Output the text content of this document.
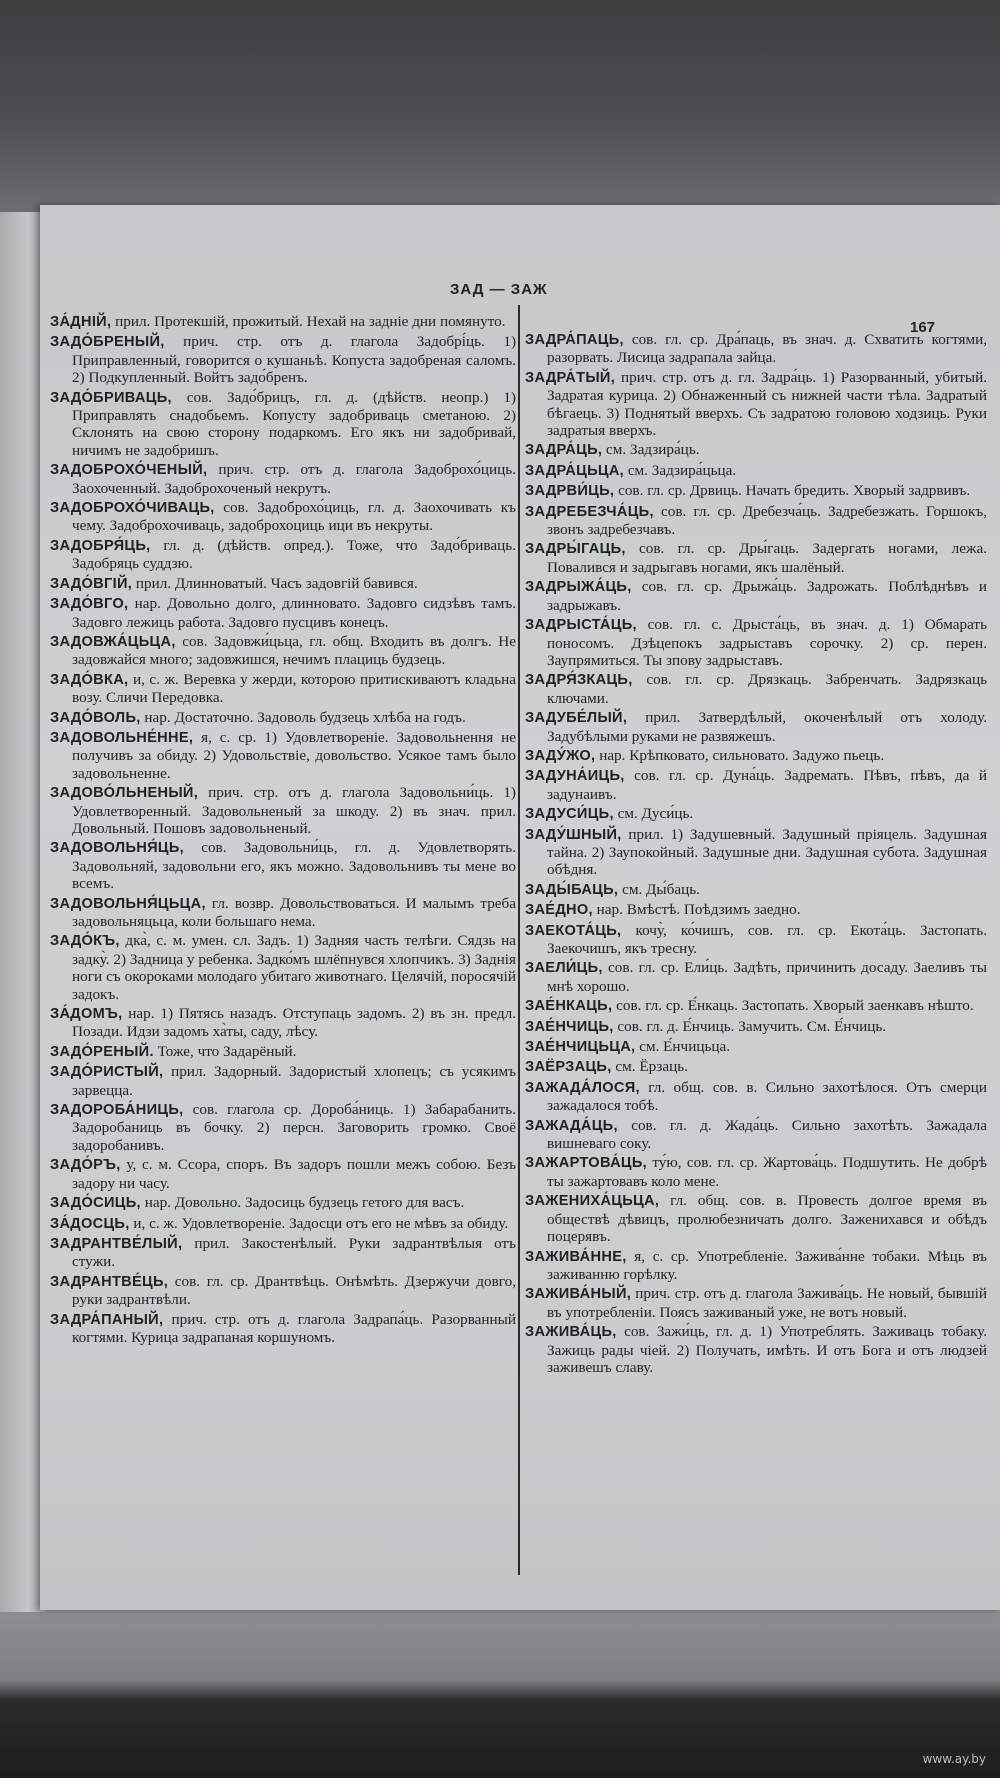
ЗАД — ЗАЖ
167
ЗА́ДНІЙ, прил. Протекшій, прожитый. Нехай на задніе дни помянуто.
ЗАДО́БРЕНЫЙ, прич. стр. отъ д. глагола Задобрі́ць. 1) Приправленный, говорится о кушаньѣ. Копуста задобреная саломъ. 2) Подкупленный. Войтъ задо́бренъ.
ЗАДО́БРИВАЦЬ, сов. Задо́брицъ, гл. д. (дѣйств. неопр.) 1) Приправлять снадобьемъ. Копусту задобриваць сметаною. 2) Склонять на свою сторону подаркомъ. Его якъ ни задобривай, ничимъ не задобришъ.
ЗАДОБРОХО́ЧЕНЫЙ, прич. стр. отъ д. глагола Задоброхо́циць. Заохоченный. Задоброхоченый некрутъ.
ЗАДОБРОХО́ЧИВАЦЬ, сов. Задоброхо́циць, гл. д. Заохочивать къ чему. Задоброхочиваць, задоброхоциць ици въ некруты.
ЗАДОБРЯ́ЦЬ, гл. д. (дѣйств. опред.). Тоже, что Задо́бриваць. Задобряць суддзю.
ЗАДО́ВГІЙ, прил. Длинноватый. Часъ задовгій бавився.
ЗАДО́ВГО, нар. Довольно долго, длинновато. Задовго сидзѣвъ тамъ. Задовго лежиць работа. Задовго пусцивъ конецъ.
ЗАДОВЖА́ЦЬЦА, сов. Задовжи́цьца, гл. общ. Входить въ долгъ. Не задовжайся много; задовжишся, нечимъ плациць будзець.
ЗАДО́ВКА, и, с. ж. Веревка у жерди, которою притискиваютъ кладьна возу. Сличи Передовка.
ЗАДО́ВОЛЬ, нар. Достаточно. Задоволь будзець хлѣба на годъ.
ЗАДОВОЛЬНЕ́ННЕ, я, с. ср. 1) Удовлетвореніе. Задовольнення не получивъ за обиду. 2) Удовольствіе, довольство. Усякое тамъ было задовольненне.
ЗАДОВО́ЛЬНЕНЫЙ, прич. стр. отъ д. глагола Задовольни́ць. 1) Удовлетворенный. Задовольненый за шкоду. 2) въ знач. прил. Довольный. Пошовъ задовольненый.
ЗАДОВОЛЬНЯ́ЦЬ, сов. Задовольни́ць, гл. д. Удовлетворять. Задовольняй, задовольни его, якъ можно. Задовольнивъ ты мене во всемъ.
ЗАДОВОЛЬНЯ́ЦЬЦА, гл. возвр. Довольствоваться. И малымъ треба задовольняцьца, коли большаго нема.
ЗАДО́КЪ, дка̀, с. м. умен. сл. Задъ. 1) Задняя часть телѣги. Сядзь на задку̀. 2) Задница у ребенка. Задко́мъ шлёпнувся хлопчикъ. 3) Заднія ноги съ окороками молодаго убитаго животнаго. Целячій, поросячій задокъ.
ЗА́ДОМЪ, нар. 1) Пятясь назадъ. Отступаць задомъ. 2) въ зн. предл. Позади. Идзи задомъ ха̀ты, саду, лѣсу.
ЗАДО́РЕНЫЙ. Тоже, что Задарёный.
ЗАДО́РИСТЫЙ, прил. Задорный. Задористый хлопецъ; съ усякимъ зарвецца.
ЗАДОРОБА́НИЦЬ, сов. глагола ср. Дороба́ниць. 1) Забарабанить. Задоробаниць въ бочку. 2) персн. Заговорить громко. Своё задоробанивъ.
ЗАДО́РЪ, у, с. м. Ссора, споръ. Въ задоръ пошли межъ собою. Безъ задору ни часу.
ЗАДО́СИЦЬ, нар. Довольно. Задосиць будзець гетого для васъ.
ЗА́ДОСЦЬ, и, с. ж. Удовлетвореніе. Задосци отъ его не мѣвъ за обиду.
ЗАДРАНТВЕ́ЛЫЙ, прил. Закостенѣлый. Руки задрантвѣлыя отъ стужи.
ЗАДРАНТВЕ́ЦЬ, сов. гл. ср. Дрантвѣць. Онѣмѣть. Дзержучи довго, руки задрантвѣли.
ЗАДРА́ПАНЫЙ, прич. стр. отъ д. глагола Задрапа́ць. Разорванный когтями. Курица задрапаная коршуномъ.
ЗАДРА́ПАЦЬ, сов. гл. ср. Дра́паць, въ знач. д. Схватить когтями, разорвать. Лисица задрапала зайца.
ЗАДРА́ТЫЙ, прич. стр. отъ д. гл. Задра́ць. 1) Разорванный, убитый. Задратая курица. 2) Обнаженный съ нижней части тѣла. Задратый бѣгаець. 3) Поднятый вверхъ. Съ задратою головою ходзиць. Руки задратыя вверхъ.
ЗАДРА́ЦЬ, см. Задзира́ць.
ЗАДРА́ЦЬЦА, см. Задзира́цьца.
ЗАДРВИ́ЦЬ, сов. гл. ср. Дрвиць. Начать бредить. Хворый задрвивъ.
ЗАДРЕБЕЗЧА́ЦЬ, сов. гл. ср. Дребезча́ць. Задребезжать. Горшокъ, звонъ задребезчавъ.
ЗАДРЫ́ГАЦЬ, сов. гл. ср. Дры́гаць. Задергать ногами, лежа. Повалився и задрыгавъ ногами, якъ шалёный.
ЗАДРЫЖА́ЦЬ, сов. гл. ср. Дрыжа́ць. Задрожать. Поблѣднѣвъ и задрыжавъ.
ЗАДРЫСТА́ЦЬ, сов. гл. с. Дрыста́ць, въ знач. д. 1) Обмарать поносомъ. Дзѣцепокъ задрыставъ сорочку. 2) ср. перен. Заупрямиться. Ты зпову задрыставъ.
ЗАДРЯ́ЗКАЦЬ, сов. гл. ср. Дрязкаць. Забренчать. Задрязкаць ключами.
ЗАДУБЕ́ЛЫЙ, прил. Затвердѣлый, окоченѣлый отъ холоду. Задубѣлыми руками не развяжешъ.
ЗАДУ́ЖО, нар. Крѣпковато, сильновато. Задужо пьець.
ЗАДУНА́ИЦЬ, сов. гл. ср. Дуна́ць. Задремать. Пѣвъ, пѣвъ, да й задунаивъ.
ЗАДУСИ́ЦЬ, см. Дуси́ць.
ЗАДУ́ШНЫЙ, прил. 1) Задушевный. Задушный пріяцель. Задушная тайна. 2) Заупокойный. Задушные дни. Задушная субота. Задушная обѣдня.
ЗАДЫ́БАЦЬ, см. Ды́баць.
ЗАЕ́ДНО, нар. Вмѣстѣ. Поѣдзимъ заедно.
ЗАЕКОТА́ЦЬ, кочу̀, ко́чишъ, сов. гл. ср. Екота́ць. Застопать. Заекочишъ, якъ тресну.
ЗАЕЛИ́ЦЬ, сов. гл. ср. Ели́ць. Задѣть, причинить досаду. Заеливъ ты мнѣ хорошо.
ЗАЕ́НКАЦЬ, сов. гл. ср. Е́нкаць. Застопать. Хворый заенкавъ нѣшто.
ЗАЕ́НЧИЦЬ, сов. гл. д. Е́нчиць. Замучить. См. Е́нчиць.
ЗАЕ́НЧИЦЬЦА, см. Е́нчицьца.
ЗАЁРЗАЦЬ, см. Ёрзаць.
ЗАЖАДА́ЛОСЯ, гл. общ. сов. в. Сильно захотѣлося. Отъ смерци зажадалося тобѣ.
ЗАЖАДА́ЦЬ, сов. гл. д. Жада́ць. Сильно захотѣть. Зажадала вишневаго соку.
ЗАЖАРТОВА́ЦЬ, ту́ю, сов. гл. ср. Жартова́ць. Подшутить. Не добрѣ ты зажартовавъ коло мене.
ЗАЖЕНИХА́ЦЬЦА, гл. общ. сов. в. Провесть долгое время въ обществѣ дѣвицъ, пролюбезничать долго. Заженихався и обѣдъ поцерявъ.
ЗАЖИВА́ННЕ, я, с. ср. Употребленіе. Зажива́нне тобаки. Мѣць въ заживанню горѣлку.
ЗАЖИВА́НЫЙ, прич. стр. отъ д. глагола Зажива́ць. Не новый, бывшій въ употребленіи. Поясъ заживаный уже, не вотъ новый.
ЗАЖИВА́ЦЬ, сов. Зажи́ць, гл. д. 1) Употреблять. Заживаць тобаку. Зажиць рады чіей. 2) Получать, имѣть. И отъ Бога и отъ людзей заживешъ славу.
www.ay.by
